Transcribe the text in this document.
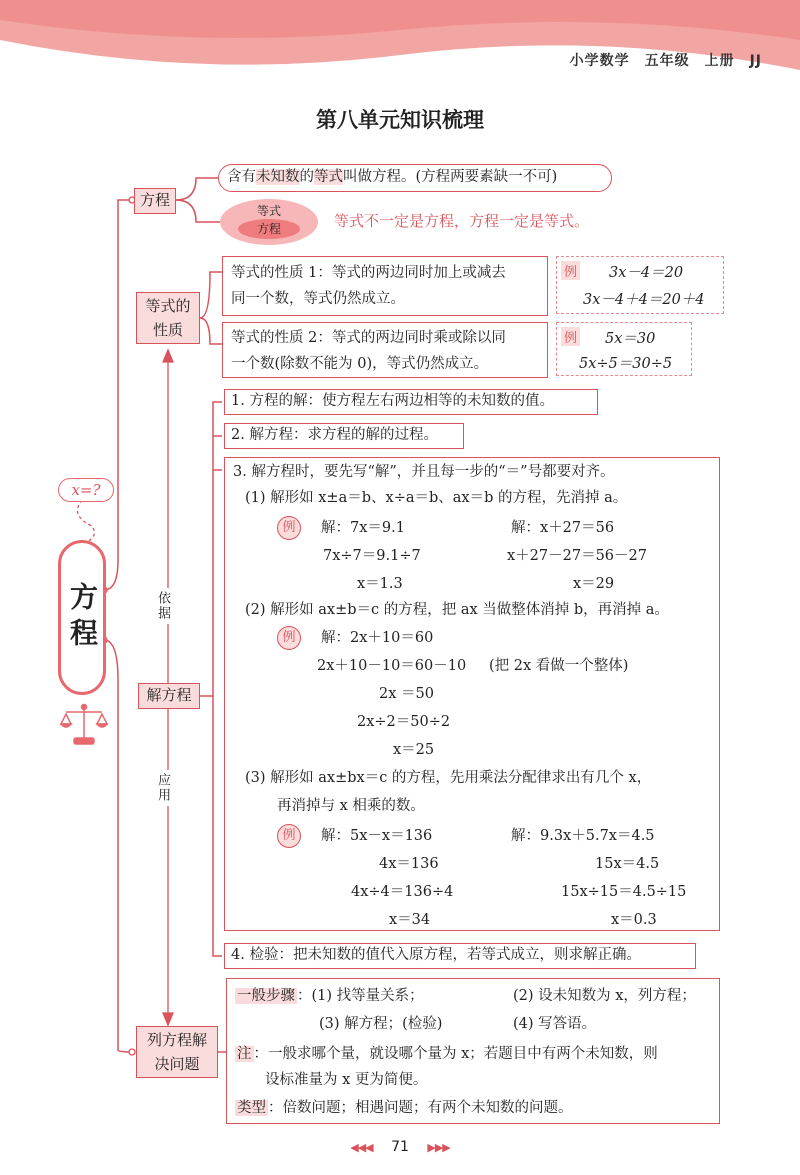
小学数学　五年级　上册　JJ
第八单元知识梳理
方程
x=?
方程
含有未知数的等式叫做方程。(方程两要素缺一不可)
等式
方程	等式不一定是方程，方程一定是等式。
等式的
性质
等式的性质 1：等式的两边同时加上或减去
同一个数，等式仍然成立。
等式的性质 2：等式的两边同时乘或除以同
一个数(除数不能为 0)，等式仍然成立。
例 3x－4＝20
3x－4＋4＝20＋4
例 5x＝30
5x÷5＝30÷5
依据
应用
解方程
1. 方程的解：使方程左右两边相等的未知数的值。
2. 解方程：求方程的解的过程。
3. 解方程时，要先写“解”，并且每一步的“＝”号都要对齐。
(1) 解形如 x±a＝b、x÷a＝b、ax＝b 的方程，先消掉 a。
例	解：7x＝9.1
7x÷7＝9.1÷7
x＝1.3
解：x＋27＝56
x＋27－27＝56－27
x＝29
(2) 解形如 ax±b＝c 的方程，把 ax 当做整体消掉 b，再消掉 a。
例	解：2x＋10＝60
2x＋10－10＝60－10 (把 2x 看做一个整体)
2x ＝50
2x÷2＝50÷2
x＝25
(3) 解形如 ax±bx＝c 的方程，先用乘法分配律求出有几个 x，
再消掉与 x 相乘的数。
例	解：5x－x＝136
4x＝136
4x÷4＝136÷4
x＝34
解：9.3x＋5.7x＝4.5
15x＝4.5
15x÷15＝4.5÷15
x＝0.3
4. 检验：把未知数的值代入原方程，若等式成立，则求解正确。
列方程解
决问题
一般步骤 ：(1) 找等量关系；	(2) 设未知数为 x，列方程；
(3) 解方程；(检验)	(4) 写答语。
注 ：一般求哪个量，就设哪个量为 x；若题目中有两个未知数，则
设标准量为 x 更为简便。
类型 ：倍数问题；相遇问题；有两个未知数的问题。
◀◀◀ 71 ▶▶▶
